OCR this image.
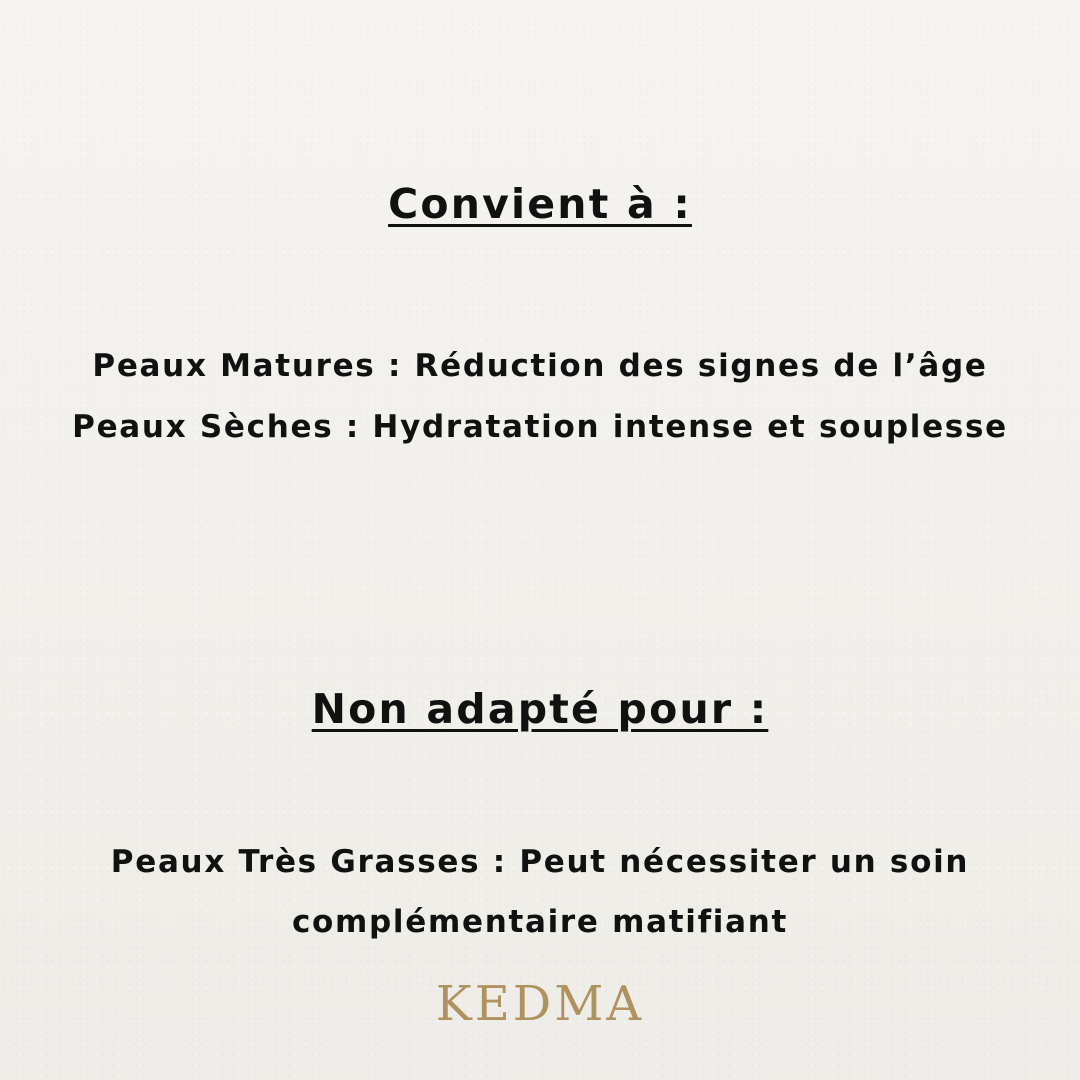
Convient à :

Peaux Matures : Réduction des signes de l’âge

Peaux Sèches : Hydratation intense et souplesse

Non adapté pour :

Peaux Très Grasses : Peut nécessiter un soin

complémentaire matifiant

KEDMA
